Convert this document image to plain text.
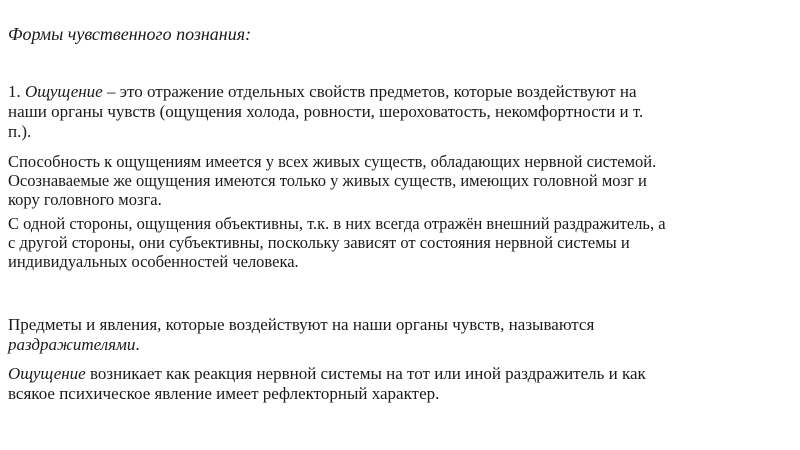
Формы чувственного познания:

1. Ощущение – это отражение отдельных свойств предметов, которые воздействуют на наши органы чувств (ощущения холода, ровности, шероховатость, некомфортности и т. п.).

Способность к ощущениям имеется у всех живых существ, обладающих нервной системой. Осознаваемые же ощущения имеются только у живых существ, имеющих головной мозг и кору головного мозга.

С одной стороны, ощущения объективны, т.к. в них всегда отражён внешний раздражитель, а с другой стороны, они субъективны, поскольку зависят от состояния нервной системы и индивидуальных особенностей человека.

Предметы и явления, которые воздействуют на наши органы чувств, называются раздражителями.

Ощущение возникает как реакция нервной системы на тот или иной раздражитель и как всякое психическое явление имеет рефлекторный характер.
